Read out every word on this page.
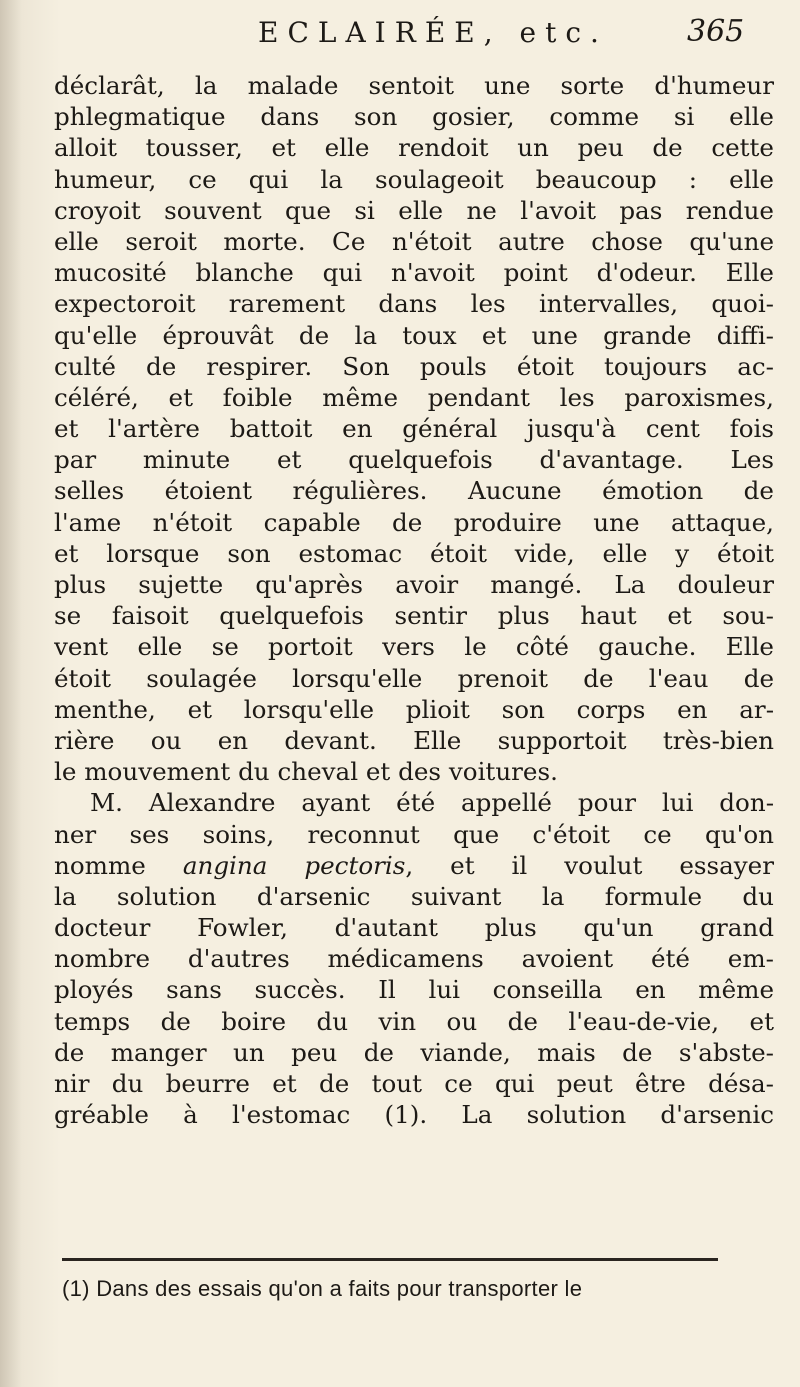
ECLAIRÉE, etc.	365
déclarât, la malade sentoit une sorte d'humeur
phlegmatique dans son gosier, comme si elle
alloit tousser, et elle rendoit un peu de cette
humeur, ce qui la soulageoit beaucoup : elle
croyoit souvent que si elle ne l'avoit pas rendue
elle seroit morte. Ce n'étoit autre chose qu'une
mucosité blanche qui n'avoit point d'odeur. Elle
expectoroit rarement dans les intervalles, quoi-
qu'elle éprouvât de la toux et une grande diffi-
culté de respirer. Son pouls étoit toujours ac-
céléré, et foible même pendant les paroxismes,
et l'artère battoit en général jusqu'à cent fois
par minute et quelquefois d'avantage. Les
selles étoient régulières. Aucune émotion de
l'ame n'étoit capable de produire une attaque,
et lorsque son estomac étoit vide, elle y étoit
plus sujette qu'après avoir mangé. La douleur
se faisoit quelquefois sentir plus haut et sou-
vent elle se portoit vers le côté gauche. Elle
étoit soulagée lorsqu'elle prenoit de l'eau de
menthe, et lorsqu'elle plioit son corps en ar-
rière ou en devant. Elle supportoit très-bien
le mouvement du cheval et des voitures.
M. Alexandre ayant été appellé pour lui don-
ner ses soins, reconnut que c'étoit ce qu'on
nomme angina pectoris, et il voulut essayer
la solution d'arsenic suivant la formule du
docteur Fowler, d'autant plus qu'un grand
nombre d'autres médicamens avoient été em-
ployés sans succès. Il lui conseilla en même
temps de boire du vin ou de l'eau-de-vie, et
de manger un peu de viande, mais de s'abste-
nir du beurre et de tout ce qui peut être désa-
gréable à l'estomac (1). La solution d'arsenic
(1) Dans des essais qu'on a faits pour transporter le
